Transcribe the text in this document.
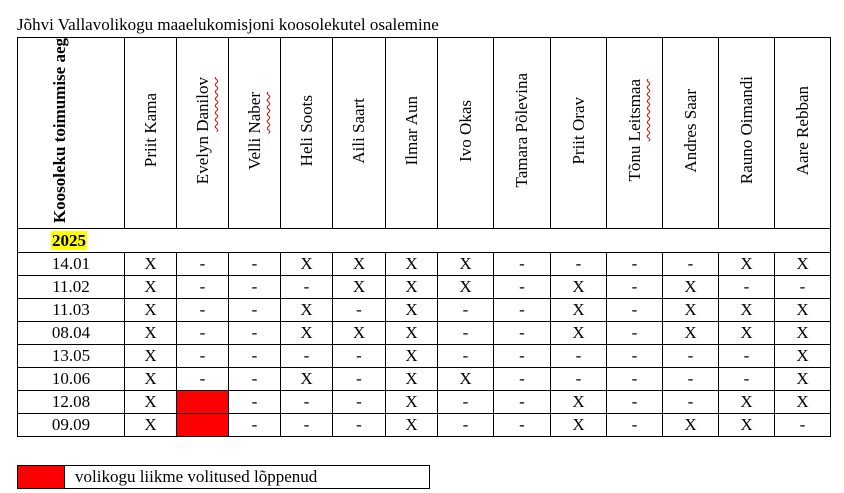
Jõhvi Vallavolikogu maaelukomisjoni koosolekutel osalemine
Koosoleku toimumise aeg	Priit Kama	Evelyn Danilov	Velli Naber	Heli Soots	Aili Saart	Ilmar Aun	Ivo Okas	Tamara Põlevina	Priit Orav	Tõnu Leitsmaa	Andres Saar	Rauno Oimandi	Aare Rebban
2025													
14.01	X	-	-	X	X	X	X	-	-	-	-	X	X
11.02	X	-	-	-	X	X	X	-	X	-	X	-	-
11.03	X	-	-	X	-	X	-	-	X	-	X	X	X
08.04	X	-	-	X	X	X	-	-	X	-	X	X	X
13.05	X	-	-	-	-	X	-	-	-	-	-	-	X
10.06	X	-	-	X	-	X	X	-	-	-	-	-	X
12.08	X		-	-	-	X	-	-	X	-	-	X	X
09.09	X		-	-	-	X	-	-	X	-	X	X	-
volikogu liikme volitused lõppenud
